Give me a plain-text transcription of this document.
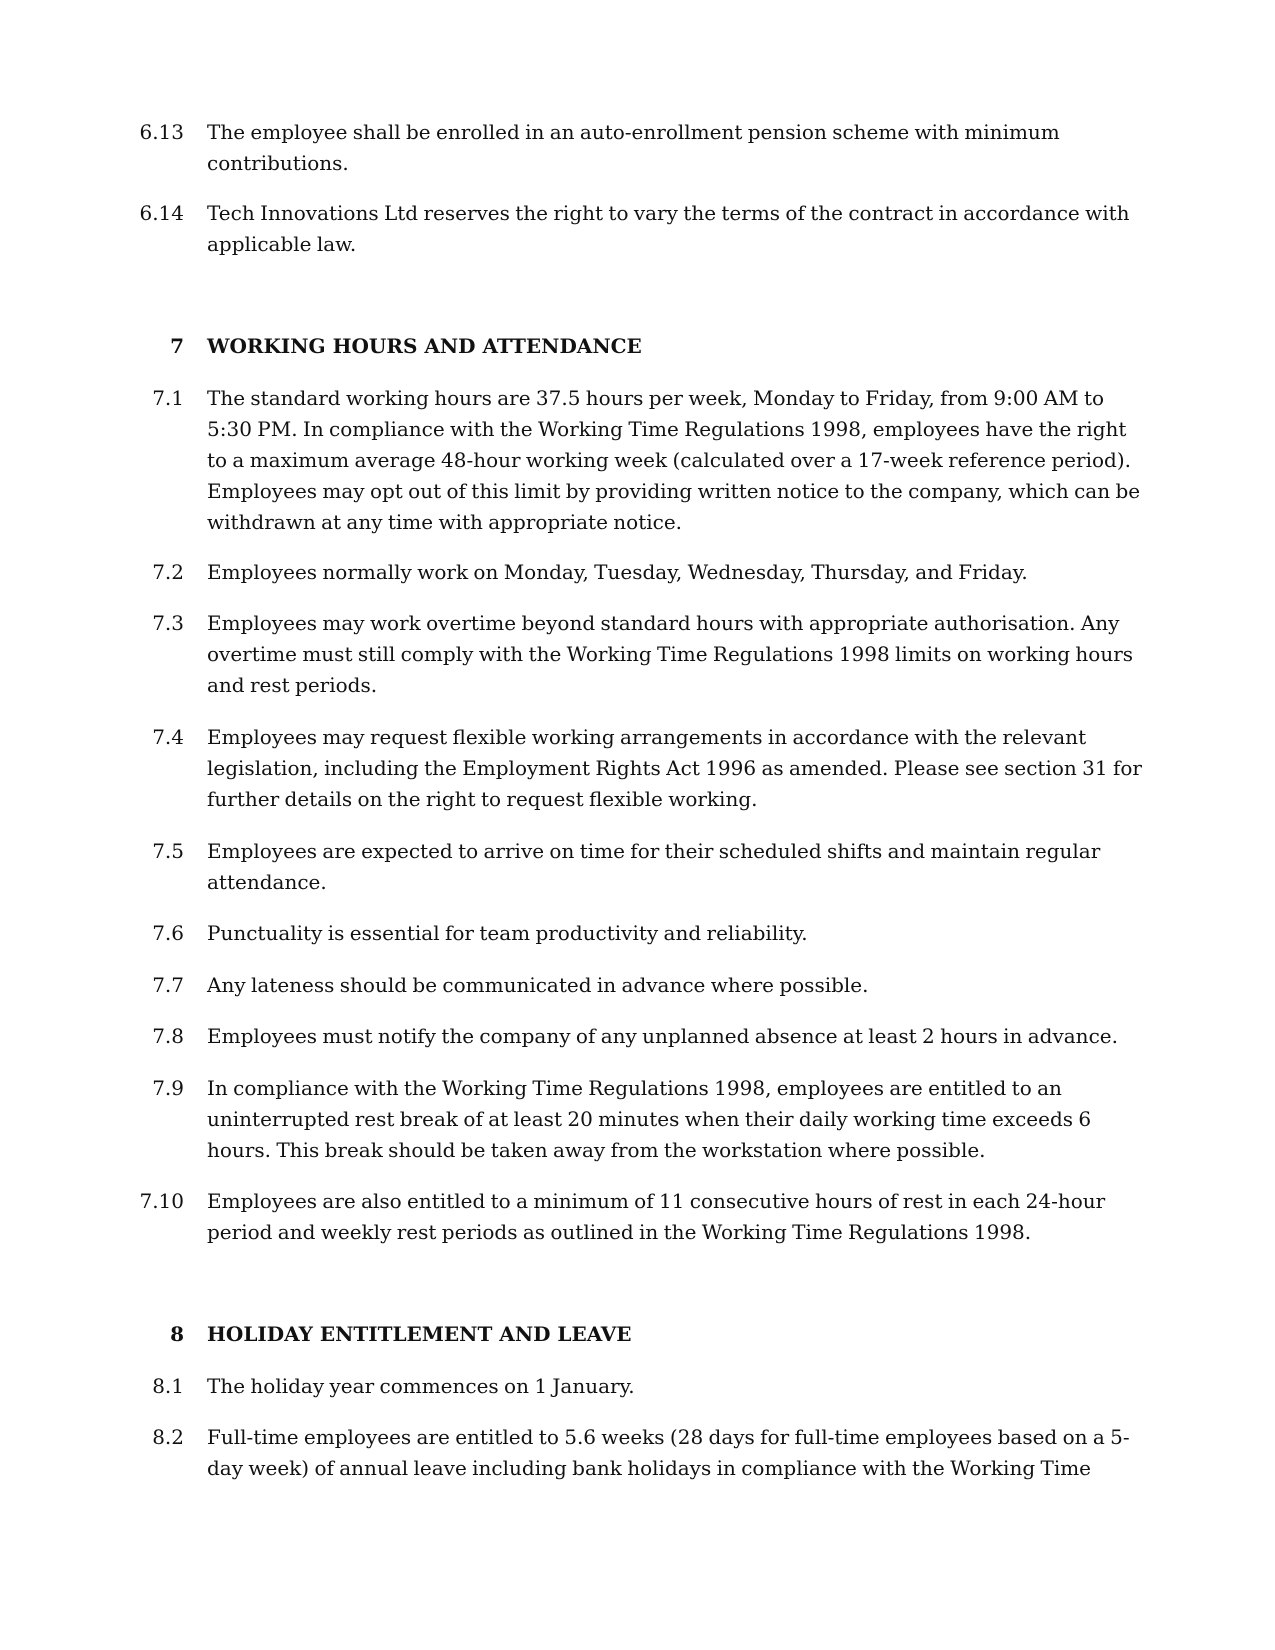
6.13 The employee shall be enrolled in an auto-enrollment pension scheme with minimum contributions.
6.14 Tech Innovations Ltd reserves the right to vary the terms of the contract in accordance with applicable law.
7 WORKING HOURS AND ATTENDANCE
7.1 The standard working hours are 37.5 hours per week, Monday to Friday, from 9:00 AM to 5:30 PM. In compliance with the Working Time Regulations 1998, employees have the right to a maximum average 48-hour working week (calculated over a 17-week reference period). Employees may opt out of this limit by providing written notice to the company, which can be withdrawn at any time with appropriate notice.
7.2 Employees normally work on Monday, Tuesday, Wednesday, Thursday, and Friday.
7.3 Employees may work overtime beyond standard hours with appropriate authorisation. Any overtime must still comply with the Working Time Regulations 1998 limits on working hours and rest periods.
7.4 Employees may request flexible working arrangements in accordance with the relevant legislation, including the Employment Rights Act 1996 as amended. Please see section 31 for further details on the right to request flexible working.
7.5 Employees are expected to arrive on time for their scheduled shifts and maintain regular attendance.
7.6 Punctuality is essential for team productivity and reliability.
7.7 Any lateness should be communicated in advance where possible.
7.8 Employees must notify the company of any unplanned absence at least 2 hours in advance.
7.9 In compliance with the Working Time Regulations 1998, employees are entitled to an uninterrupted rest break of at least 20 minutes when their daily working time exceeds 6 hours. This break should be taken away from the workstation where possible.
7.10 Employees are also entitled to a minimum of 11 consecutive hours of rest in each 24-hour period and weekly rest periods as outlined in the Working Time Regulations 1998.
8 HOLIDAY ENTITLEMENT AND LEAVE
8.1 The holiday year commences on 1 January.
8.2 Full-time employees are entitled to 5.6 weeks (28 days for full-time employees based on a 5-day week) of annual leave including bank holidays in compliance with the Working Time
